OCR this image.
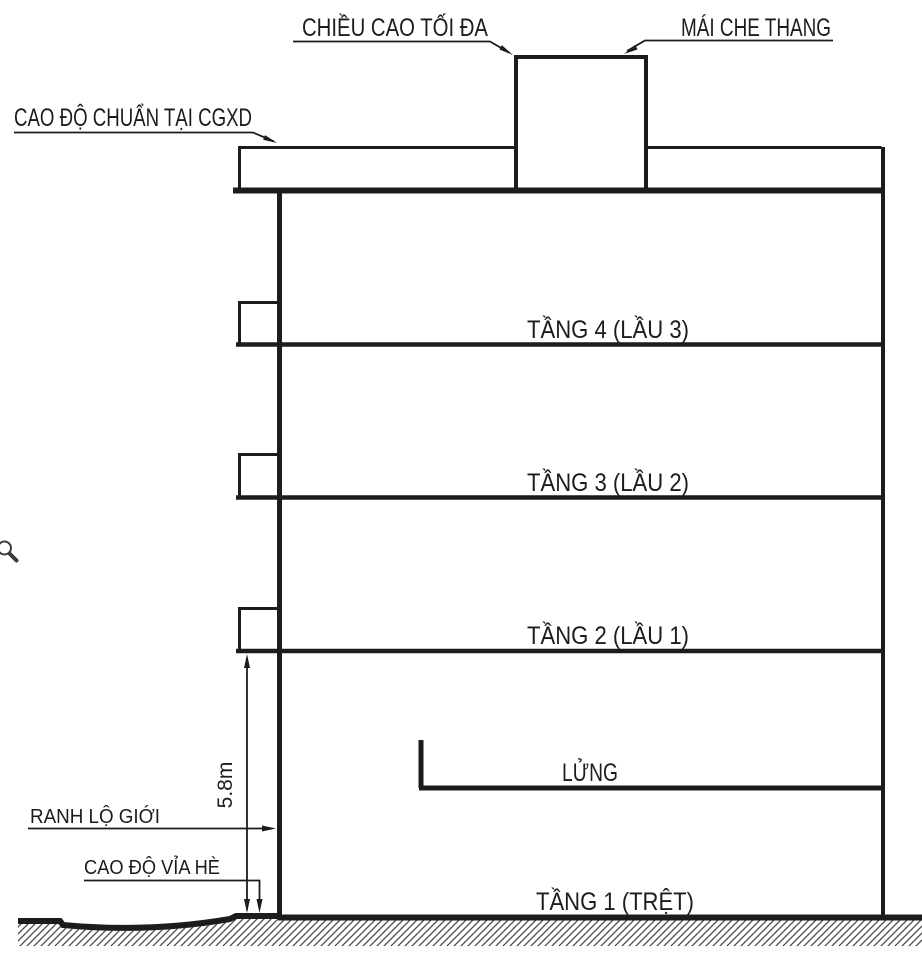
TẦNG 4 (LẦU 3)
TẦNG 3 (LẦU 2)
TẦNG 2 (LẦU 1)
LỬNG
TẦNG 1 (TRỆT)
CHIỀU CAO TỐI ĐA	MÁI CHE THANG
CAO ĐỘ CHUẨN TẠI CGXD
RANH LỘ GIỚI
CAO ĐỘ VỈA HÈ
5.8m
